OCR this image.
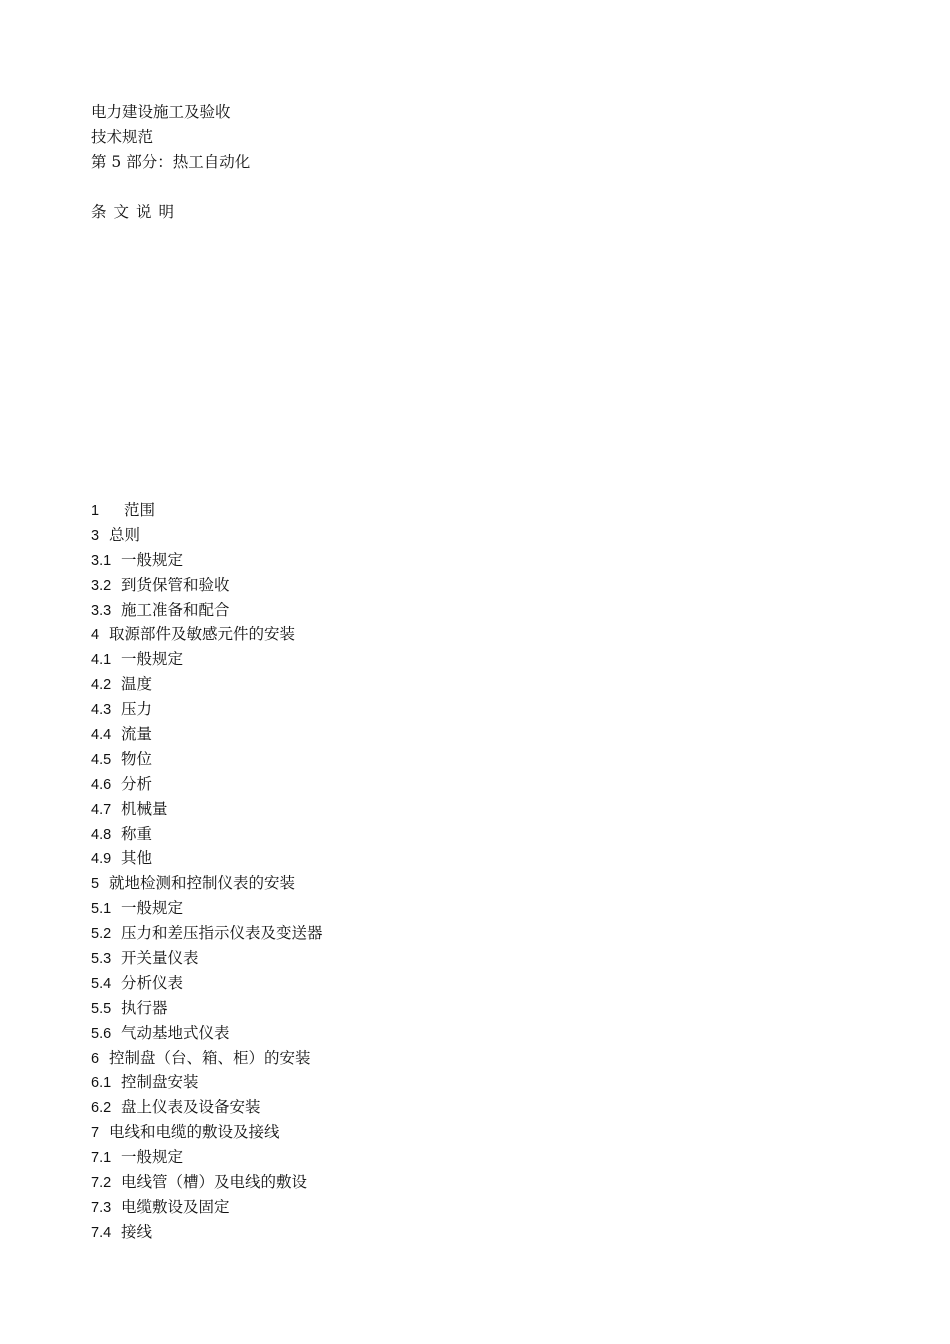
电力建设施工及验收
技术规范
第 5 部分：热工自动化
条文说明
1 范围
3 总则
3.1 一般规定
3.2 到货保管和验收
3.3 施工准备和配合
4 取源部件及敏感元件的安装
4.1 一般规定
4.2 温度
4.3 压力
4.4 流量
4.5 物位
4.6 分析
4.7 机械量
4.8 称重
4.9 其他
5 就地检测和控制仪表的安装
5.1 一般规定
5.2 压力和差压指示仪表及变送器
5.3 开关量仪表
5.4 分析仪表
5.5 执行器
5.6 气动基地式仪表
6 控制盘（台、箱、柜）的安装
6.1 控制盘安装
6.2 盘上仪表及设备安装
7 电线和电缆的敷设及接线
7.1 一般规定
7.2 电线管（槽）及电线的敷设
7.3 电缆敷设及固定
7.4 接线
